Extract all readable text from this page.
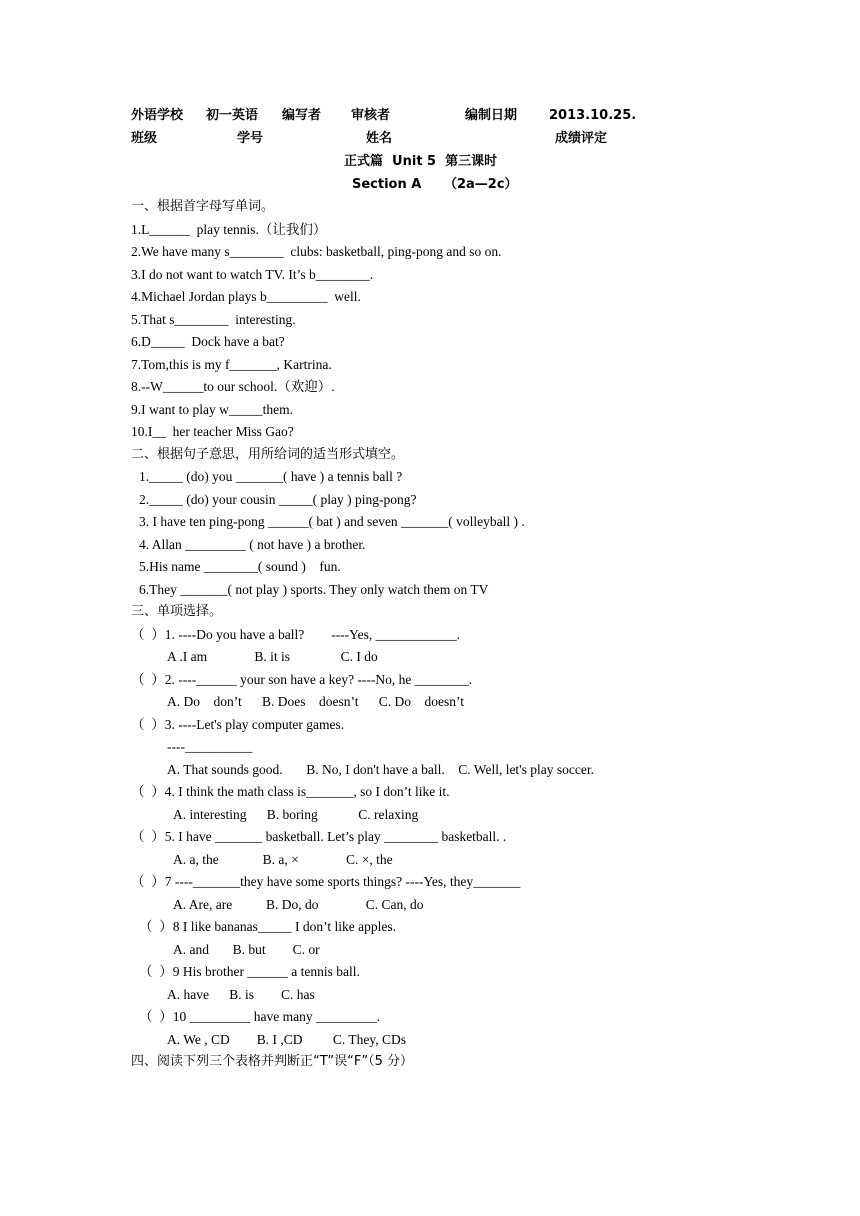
外语学校 初一英语 编写者 审核者	编制日期 2013.10.25.
班级	学号	姓名	成绩评定
正式篇  Unit 5  第三课时
Section A     （2a—2c）
一、根据首字母写单词。
1.L______  play tennis.（让我们）
2.We have many s________  clubs: basketball, ping-pong and so on.
3.I do not want to watch TV. It’s b________.
4.Michael Jordan plays b_________  well.
5.That s________  interesting.
6.D_____  Dock have a bat?
7.Tom,this is my f_______, Kartrina.
8.--W______to our school.（欢迎）.
9.I want to play w_____them.
10.I__  her teacher Miss Gao?
二、根据句子意思，用所给词的适当形式填空。
1._____ (do) you _______( have ) a tennis ball ?
2._____ (do) your cousin _____( play ) ping-pong?
3. I have ten ping-pong ______( bat ) and seven _______( volleyball ) .
4. Allan _________ ( not have ) a brother.
5.His name ________( sound )    fun.
6.They _______( not play ) sports. They only watch them on TV
三、单项选择。
（  ）1. ----Do you have a ball?        ----Yes, ____________.
A .I am              B. it is               C. I do
（  ）2. ----______ your son have a key? ----No, he ________.
A. Do    don’t      B. Does    doesn’t      C. Do    doesn’t
（  ）3. ----Let's play computer games.
----__________
A. That sounds good.       B. No, I don't have a ball.    C. Well, let's play soccer.
（  ）4. I think the math class is_______, so I don’t like it.
A. interesting      B. boring            C. relaxing
（  ）5. I have _______ basketball. Let’s play ________ basketball. .
A. a, the             B. a, ×              C. ×, the
（  ）7 ----_______they have some sports things? ----Yes, they_______
A. Are, are          B. Do, do              C. Can, do
（  ）8 I like bananas_____ I don’t like apples.
A. and       B. but        C. or
（  ）9 His brother ______ a tennis ball.
A. have      B. is        C. has
（  ）10 _________ have many _________.
A. We , CD        B. I ,CD         C. They, CDs
四、阅读下列三个表格并判断正“T”误“F”（5 分）
